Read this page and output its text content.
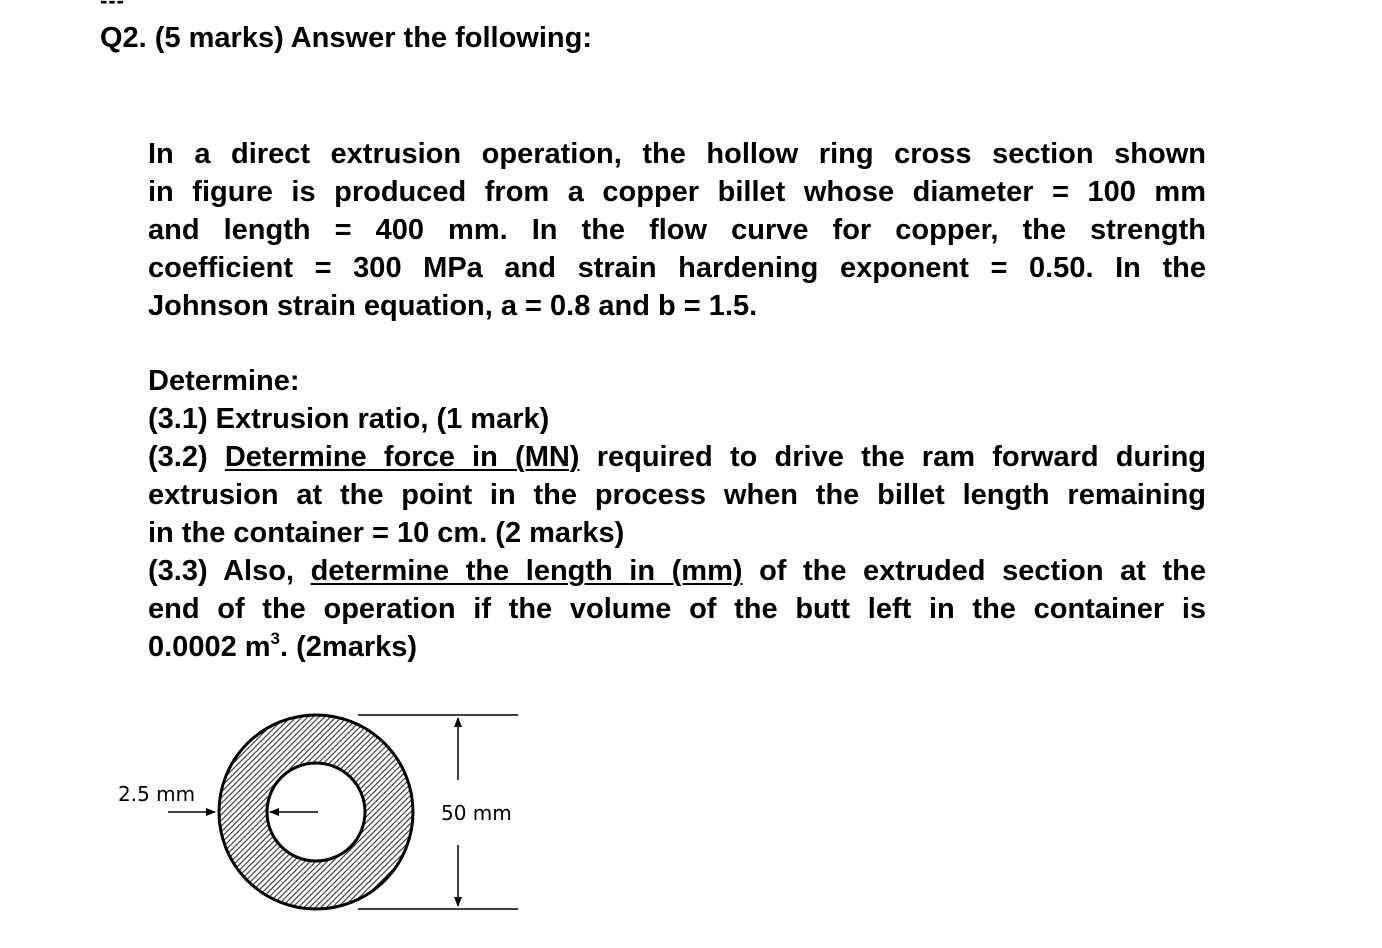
---
Q2. (5 marks) Answer the following:
In a direct extrusion operation, the hollow ring cross section shown
in figure is produced from a copper billet whose diameter = 100 mm
and length = 400 mm. In the flow curve for copper, the strength
coefficient = 300 MPa and strain hardening exponent = 0.50. In the
Johnson strain equation, a = 0.8 and b = 1.5.
Determine:
(3.1) Extrusion ratio, (1 mark)
(3.2) Determine force in (MN) required to drive the ram forward during
extrusion at the point in the process when the billet length remaining
in the container = 10 cm. (2 marks)
(3.3) Also, determine the length in (mm) of the extruded section at the
end of the operation if the volume of the butt left in the container is
0.0002 $m^3$. (2marks)
2.5 mm
50 mm
